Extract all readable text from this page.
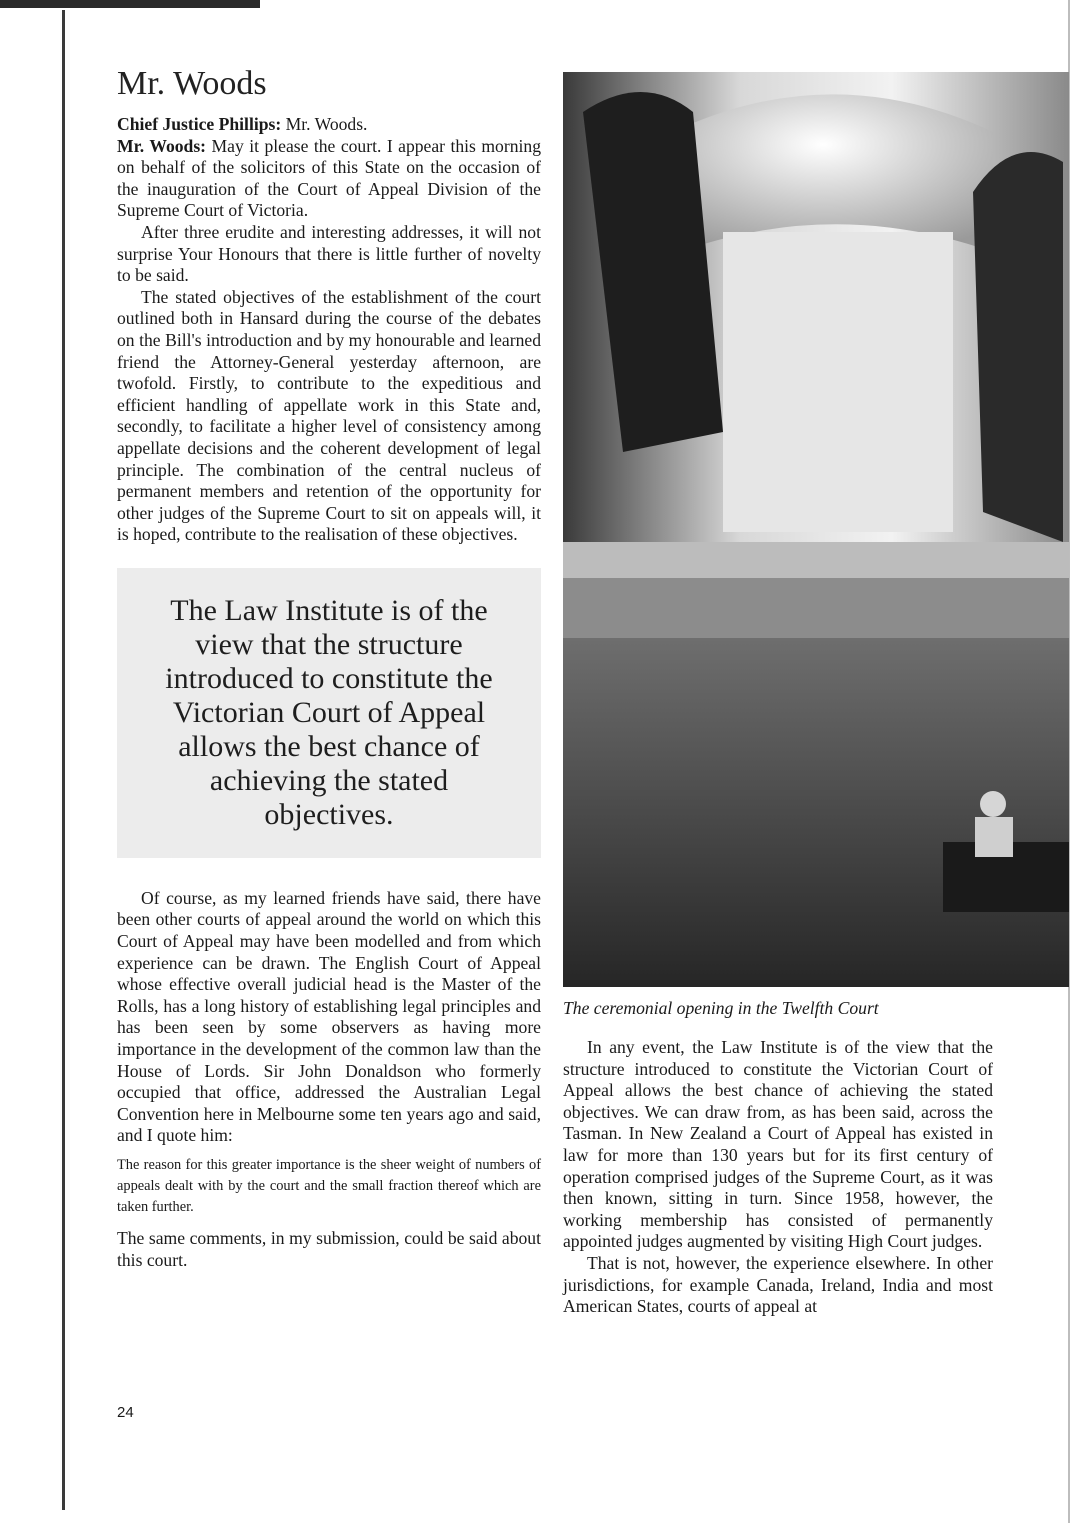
Mr. Woods

Chief Justice Phillips: Mr. Woods.

Mr. Woods: May it please the court. I appear this morning on behalf of the solicitors of this State on the occasion of the inauguration of the Court of Appeal Division of the Supreme Court of Victoria.

After three erudite and interesting addresses, it will not surprise Your Honours that there is little further of novelty to be said.

The stated objectives of the establishment of the court outlined both in Hansard during the course of the debates on the Bill's introduction and by my honourable and learned friend the Attorney-General yesterday afternoon, are twofold. Firstly, to contribute to the expeditious and efficient handling of appellate work in this State and, secondly, to facilitate a higher level of consistency among appellate decisions and the coherent development of legal principle. The combination of the central nucleus of permanent members and retention of the opportunity for other judges of the Supreme Court to sit on appeals will, it is hoped, contribute to the realisation of these objectives.

The Law Institute is of the view that the structure introduced to constitute the Victorian Court of Appeal allows the best chance of achieving the stated objectives.

Of course, as my learned friends have said, there have been other courts of appeal around the world on which this Court of Appeal may have been modelled and from which experience can be drawn. The English Court of Appeal whose effective overall judicial head is the Master of the Rolls, has a long history of establishing legal principles and has been seen by some observers as having more importance in the development of the common law than the House of Lords. Sir John Donaldson who formerly occupied that office, addressed the Australian Legal Convention here in Melbourne some ten years ago and said, and I quote him:

The reason for this greater importance is the sheer weight of numbers of appeals dealt with by the court and the small fraction thereof which are taken further.

The same comments, in my submission, could be said about this court.

The ceremonial opening in the Twelfth Court

In any event, the Law Institute is of the view that the structure introduced to constitute the Victorian Court of Appeal allows the best chance of achieving the stated objectives. We can draw from, as has been said, across the Tasman. In New Zealand a Court of Appeal has existed in law for more than 130 years but for its first century of operation comprised judges of the Supreme Court, as it was then known, sitting in turn. Since 1958, however, the working membership has consisted of permanently appointed judges augmented by visiting High Court judges.

That is not, however, the experience elsewhere. In other jurisdictions, for example Canada, Ireland, India and most American States, courts of appeal at

24
